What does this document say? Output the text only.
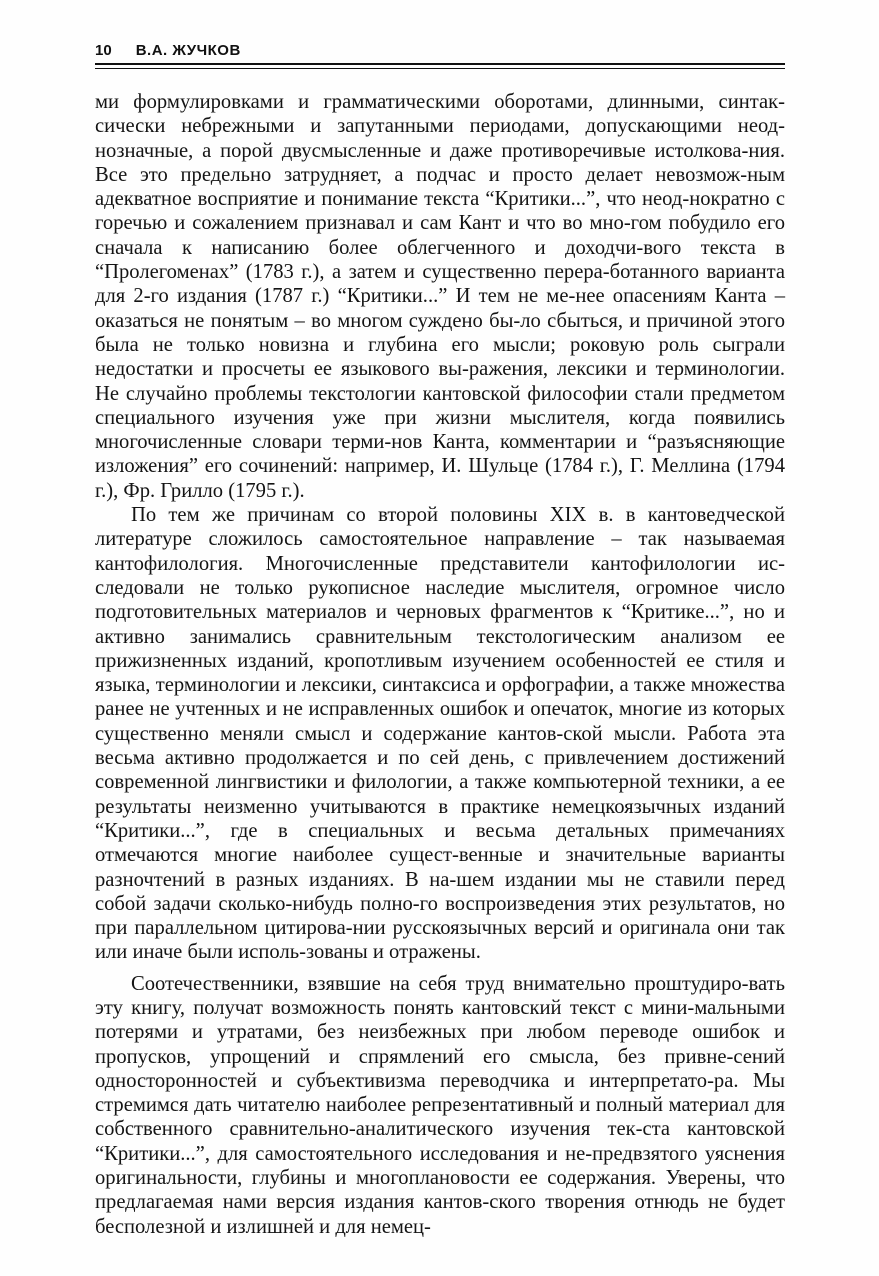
10 В.А. ЖУЧКОВ

ми формулировками и грамматическими оборотами, длинными, синтак-сически небрежными и запутанными периодами, допускающими неод-нозначные, а порой двусмысленные и даже противоречивые истолкова-ния. Все это предельно затрудняет, а подчас и просто делает невозмож-ным адекватное восприятие и понимание текста “Критики...”, что неод-нократно с горечью и сожалением признавал и сам Кант и что во мно-гом побудило его сначала к написанию более облегченного и доходчи-вого текста в “Пролегоменах” (1783 г.), а затем и существенно перера-ботанного варианта для 2-го издания (1787 г.) “Критики...” И тем не ме-нее опасениям Канта – оказаться не понятым – во многом суждено бы-ло сбыться, и причиной этого была не только новизна и глубина его мысли; роковую роль сыграли недостатки и просчеты ее языкового вы-ражения, лексики и терминологии. Не случайно проблемы текстологии кантовской философии стали предметом специального изучения уже при жизни мыслителя, когда появились многочисленные словари терми-нов Канта, комментарии и “разъясняющие изложения” его сочинений: например, И. Шульце (1784 г.), Г. Меллина (1794 г.), Фр. Грилло (1795 г.).

По тем же причинам со второй половины XIX в. в кантоведческой литературе сложилось самостоятельное направление – так называемая кантофилология. Многочисленные представители кантофилологии ис-следовали не только рукописное наследие мыслителя, огромное число подготовительных материалов и черновых фрагментов к “Критике...”, но и активно занимались сравнительным текстологическим анализом ее прижизненных изданий, кропотливым изучением особенностей ее стиля и языка, терминологии и лексики, синтаксиса и орфографии, а также множества ранее не учтенных и не исправленных ошибок и опечаток, многие из которых существенно меняли смысл и содержание кантов-ской мысли. Работа эта весьма активно продолжается и по сей день, с привлечением достижений современной лингвистики и филологии, а также компьютерной техники, а ее результаты неизменно учитываются в практике немецкоязычных изданий “Критики...”, где в специальных и весьма детальных примечаниях отмечаются многие наиболее сущест-венные и значительные варианты разночтений в разных изданиях. В на-шем издании мы не ставили перед собой задачи сколько-нибудь полно-го воспроизведения этих результатов, но при параллельном цитирова-нии русскоязычных версий и оригинала они так или иначе были исполь-зованы и отражены.

Соотечественники, взявшие на себя труд внимательно проштудиро-вать эту книгу, получат возможность понять кантовский текст с мини-мальными потерями и утратами, без неизбежных при любом переводе ошибок и пропусков, упрощений и спрямлений его смысла, без привне-сений односторонностей и субъективизма переводчика и интерпретато-ра. Мы стремимся дать читателю наиболее репрезентативный и полный материал для собственного сравнительно-аналитического изучения тек-ста кантовской “Критики...”, для самостоятельного исследования и не-предвзятого уяснения оригинальности, глубины и многоплановости ее содержания. Уверены, что предлагаемая нами версия издания кантов-ского творения отнюдь не будет бесполезной и излишней и для немец-
